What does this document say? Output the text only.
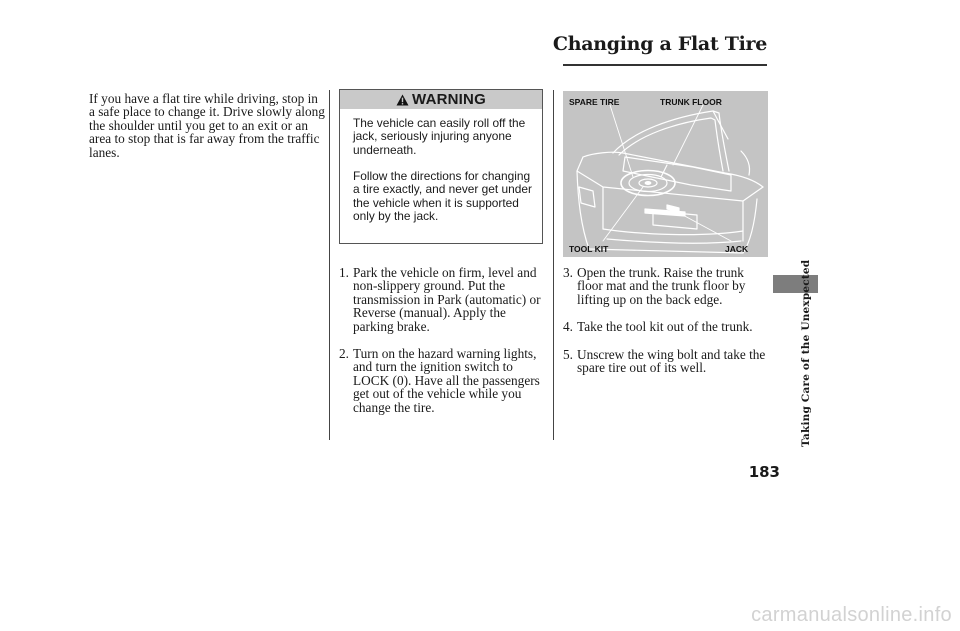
Changing a Flat Tire
If you have a flat tire while driving, stop in a safe place to change it. Drive slowly along the shoulder until you get to an exit or an area to stop that is far away from the traffic lanes.
WARNING

The vehicle can easily roll off the jack, seriously injuring anyone underneath.

Follow the directions for changing a tire exactly, and never get under the vehicle when it is supported only by the jack.

1. Park the vehicle on firm, level and non-slippery ground. Put the transmission in Park (automatic) or Reverse (manual). Apply the parking brake.
2. Turn on the hazard warning lights, and turn the ignition switch to LOCK (0). Have all the passengers get out of the vehicle while you change the tire.
SPARE TIRE	TRUNK FLOOR
TOOL KIT	JACK
3. Open the trunk. Raise the trunk floor mat and the trunk floor by lifting up on the back edge.
4. Take the tool kit out of the trunk.
5. Unscrew the wing bolt and take the spare tire out of its well.	Taking Care of the Unexpected
183
carmanualsonline.info
